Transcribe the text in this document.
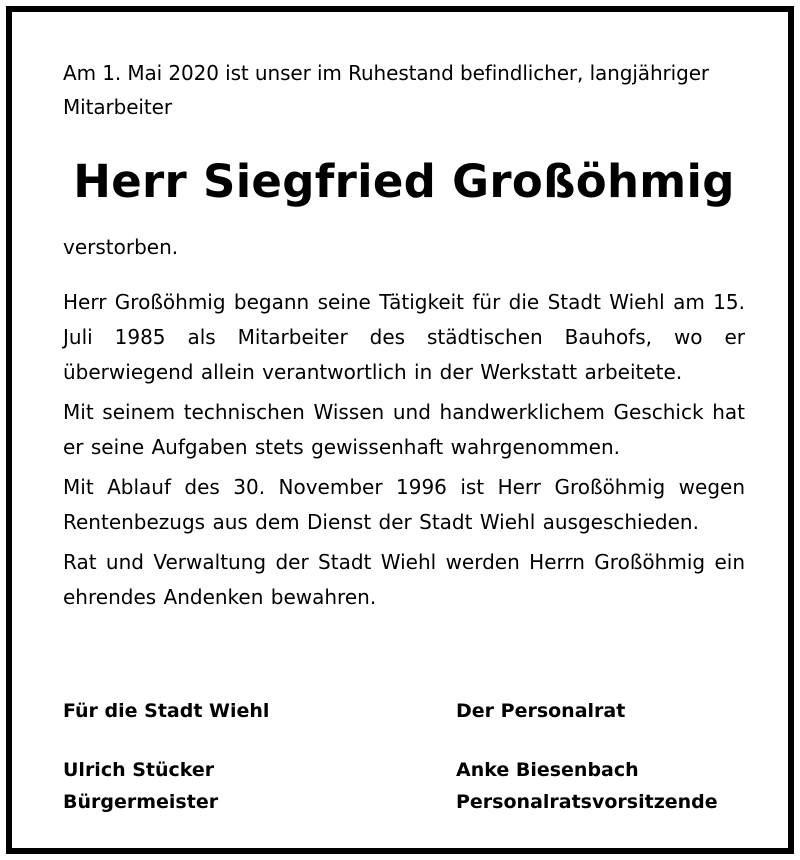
Am 1. Mai 2020 ist unser im Ruhestand befindlicher, langjähriger
Mitarbeiter

Herr Siegfried Großöhmig

verstorben.

Herr Großöhmig begann seine Tätigkeit für die Stadt Wiehl am 15. Juli 1985 als Mitarbeiter des städtischen Bauhofs, wo er überwiegend allein verantwortlich in der Werkstatt arbeitete.

Mit seinem technischen Wissen und handwerklichem Geschick hat er seine Aufgaben stets gewissenhaft wahrgenommen.

Mit Ablauf des 30. November 1996 ist Herr Großöhmig wegen Rentenbezugs aus dem Dienst der Stadt Wiehl ausgeschieden.

Rat und Verwaltung der Stadt Wiehl werden Herrn Großöhmig ein ehrendes Andenken bewahren.

Für die Stadt Wiehl
Ulrich Stücker
Bürgermeister
Der Personalrat
Anke Biesenbach
Personalratsvorsitzende
